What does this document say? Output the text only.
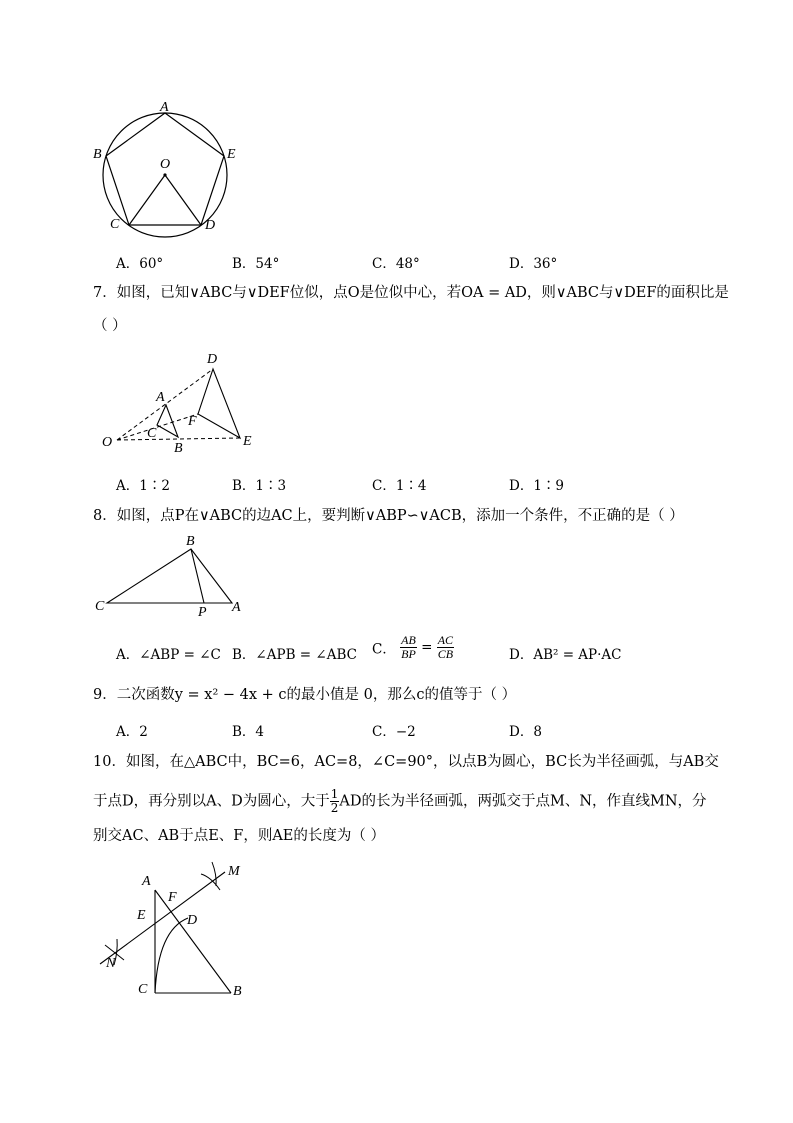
A
B
O
E
C	D
A．60°	B．54°	C．48°	D．36°
7．如图，已知∨ABC与∨DEF位似，点O是位似中心，若OA = AD，则∨ABC与∨DEF的面积比是
（ ）
D
A
F
C
O	B	E
A．1∶2	B．1∶3	C．1∶4	D．1∶9
8．如图，点P在∨ABC的边AC上，要判断∨ABP∽∨ACB，添加一个条件，不正确的是（ ）
B
C	P A
A．∠ABP = ∠C B．∠APB = ∠ABC C． $\frac{AB}{BP} = \frac{AC}{CB}$	D．AB² = AP·AC
9．二次函数y = x² − 4x + c的最小值是 0，那么c的值等于（ ）
A．2	B．4	C．−2	D．8
10．如图，在△ABC中，BC=6，AC=8，∠C=90°，以点B为圆心，BC长为半径画弧，与AB交
于点D，再分别以A、D为圆心，大于 $\frac{1}{2}$ AD的长为半径画弧，两弧交于点M、N，作直线MN，分
别交AC、AB于点E、F，则AE的长度为（ ）
A
M
F
E	D
N
C	B
